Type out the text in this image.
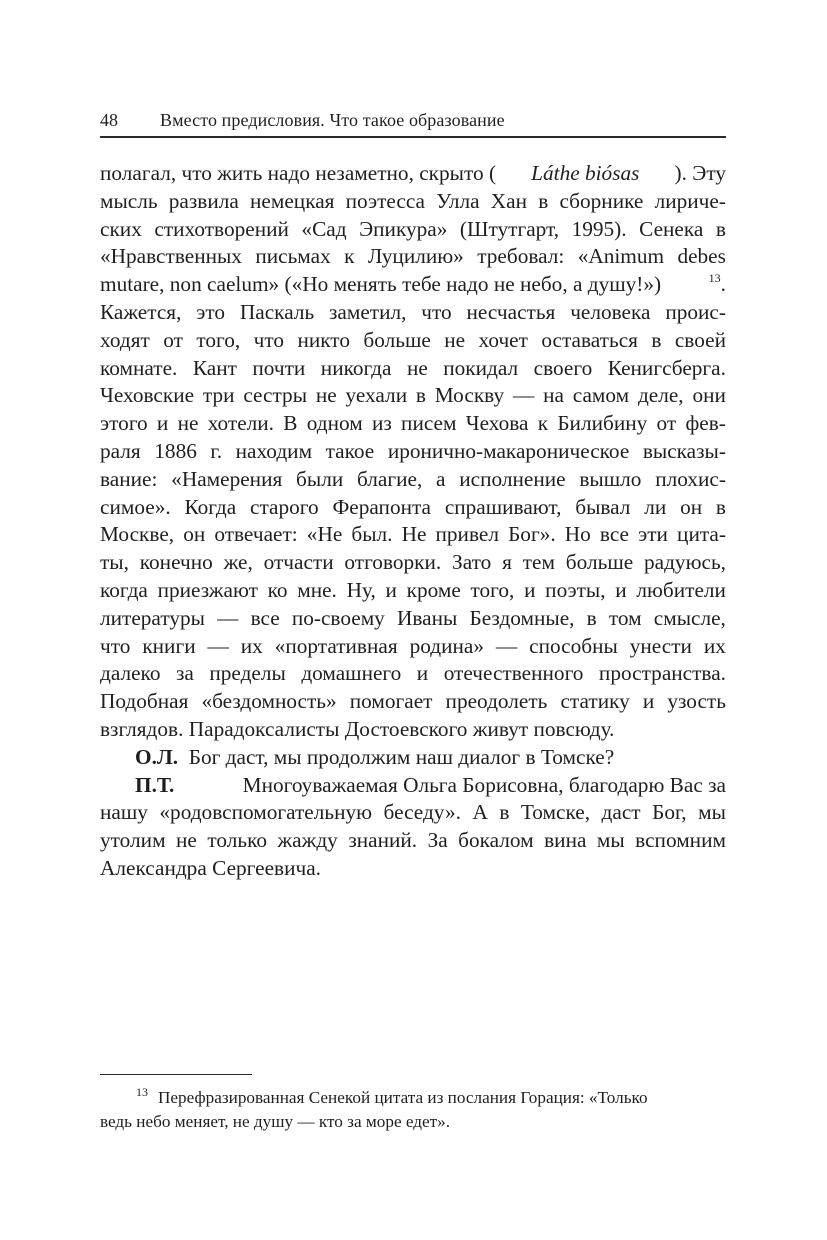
48 Вместо предисловия. Что такое образование
полагал, что жить надо незаметно, скрыто ( Láthe biósas ). Эту
мысль развила немецкая поэтесса Улла Хан в сборнике лириче-
ских стихотворений «Сад Эпикура» (Штутгарт, 1995). Сенека в
«Нравственных письмах к Луцилию» требовал: «Animum debes
mutare, non caelum» («Но менять тебе надо не небо, а душу!»)	$^{13}$.
Кажется, это Паскаль заметил, что несчастья человека проис-
ходят от того, что никто больше не хочет оставаться в своей
комнате. Кант почти никогда не покидал своего Кенигсберга.
Чеховские три сестры не уехали в Москву — на самом деле, они
этого и не хотели. В одном из писем Чехова к Билибину от фев-
раля 1886 г. находим такое иронично-макароническое высказы-
вание: «Намерения были благие, а исполнение вышло плохис-
симое». Когда старого Ферапонта спрашивают, бывал ли он в
Москве, он отвечает: «Не был. Не привел Бог». Но все эти цита-
ты, конечно же, отчасти отговорки. Зато я тем больше радуюсь,
когда приезжают ко мне. Ну, и кроме того, и поэты, и любители
литературы — все по-своему Иваны Бездомные, в том смысле,
что книги — их «портативная родина» — способны унести их
далеко за пределы домашнего и отечественного пространства.
Подобная «бездомность» помогает преодолеть статику и узость
взглядов. Парадоксалисты Достоевского живут повсюду.
О.Л.
Бог даст, мы продолжим наш диалог в Томске?
П.Т.	Многоуважаемая Ольга Борисовна, благодарю Вас за
нашу «родовспомогательную беседу». А в Томске, даст Бог, мы
утолим не только жажду знаний. За бокалом вина мы вспомним
Александра Сергеевича.
13 Перефразированная Сенекой цитата из послания Горация: «Только
ведь небо меняет, не душу — кто за море едет».
